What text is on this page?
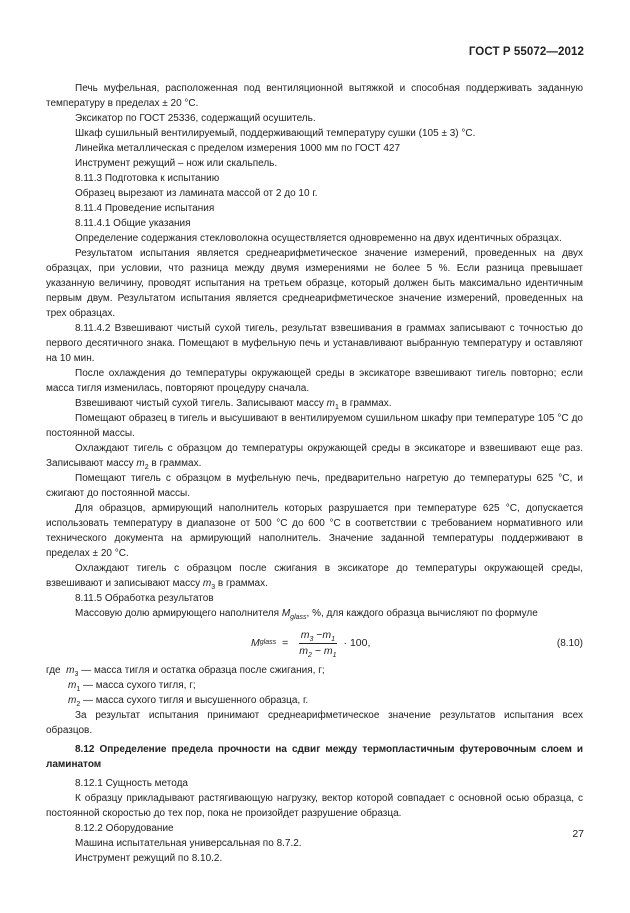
ГОСТ Р 55072—2012

Печь муфельная, расположенная под вентиляционной вытяжкой и способная поддерживать заданную температуру в пределах ± 20 °С.

Эксикатор по ГОСТ 25336, содержащий осушитель.

Шкаф сушильный вентилируемый, поддерживающий температуру сушки (105 ± 3) °С.

Линейка металлическая с пределом измерения 1000 мм по ГОСТ 427

Инструмент режущий – нож или скальпель.

8.11.3 Подготовка к испытанию

Образец вырезают из ламината массой от 2 до 10 г.

8.11.4 Проведение испытания

8.11.4.1 Общие указания

Определение содержания стекловолокна осуществляется одновременно на двух идентичных образцах.

Результатом испытания является среднеарифметическое значение измерений, проведенных на двух образцах, при условии, что разница между двумя измерениями не более 5 %. Если разница превышает указанную величину, проводят испытания на третьем образце, который должен быть максимально идентичным первым двум. Результатом испытания является среднеарифметическое значение измерений, проведенных на трех образцах.

8.11.4.2 Взвешивают чистый сухой тигель, результат взвешивания в граммах записывают с точностью до первого десятичного знака. Помещают в муфельную печь и устанавливают выбранную температуру и оставляют на 10 мин.

После охлаждения до температуры окружающей среды в эксикаторе взвешивают тигель повторно; если масса тигля изменилась, повторяют процедуру сначала.

Взвешивают чистый сухой тигель. Записывают массу $m_1$ в граммах.

Помещают образец в тигель и высушивают в вентилируемом сушильном шкафу при температуре 105 °С до постоянной массы.

Охлаждают тигель с образцом до температуры окружающей среды в эксикаторе и взвешивают еще раз. Записывают массу $m_2$ в граммах.

Помещают тигель с образцом в муфельную печь, предварительно нагретую до температуры 625 °С, и сжигают до постоянной массы.

Для образцов, армирующий наполнитель которых разрушается при температуре 625 °С, допускается использовать температуру в диапазоне от 500 °С до 600 °С в соответствии с требованием нормативного или технического документа на армирующий наполнитель. Значение заданной температуры поддерживают в пределах ± 20 °С.

Охлаждают тигель с образцом после сжигания в эксикаторе до температуры окружающей среды, взвешивают и записывают массу $m_3$ в граммах.

8.11.5 Обработка результатов

Массовую долю армирующего наполнителя $M_{glass}$, %, для каждого образца вычисляют по формуле

M glass = $\frac{m_3 -m_1}{m_2 - m_1} \cdot 100$,	(8.10)

где $m_3$ — масса тигля и остатка образца после сжигания, г;

$m_1$ — масса сухого тигля, г;

$m_2$ — масса сухого тигля и высушенного образца, г.

За результат испытания принимают среднеарифметическое значение результатов испытания всех образцов.

8.12 Определение предела прочности на сдвиг между термопластичным футеровочным слоем и ламинатом

8.12.1 Сущность метода

К образцу прикладывают растягивающую нагрузку, вектор которой совпадает с основной осью образца, с постоянной скоростью до тех пор, пока не произойдет разрушение образца.

8.12.2 Оборудование

Машина испытательная универсальная по 8.7.2.

Инструмент режущий по 8.10.2.

27
